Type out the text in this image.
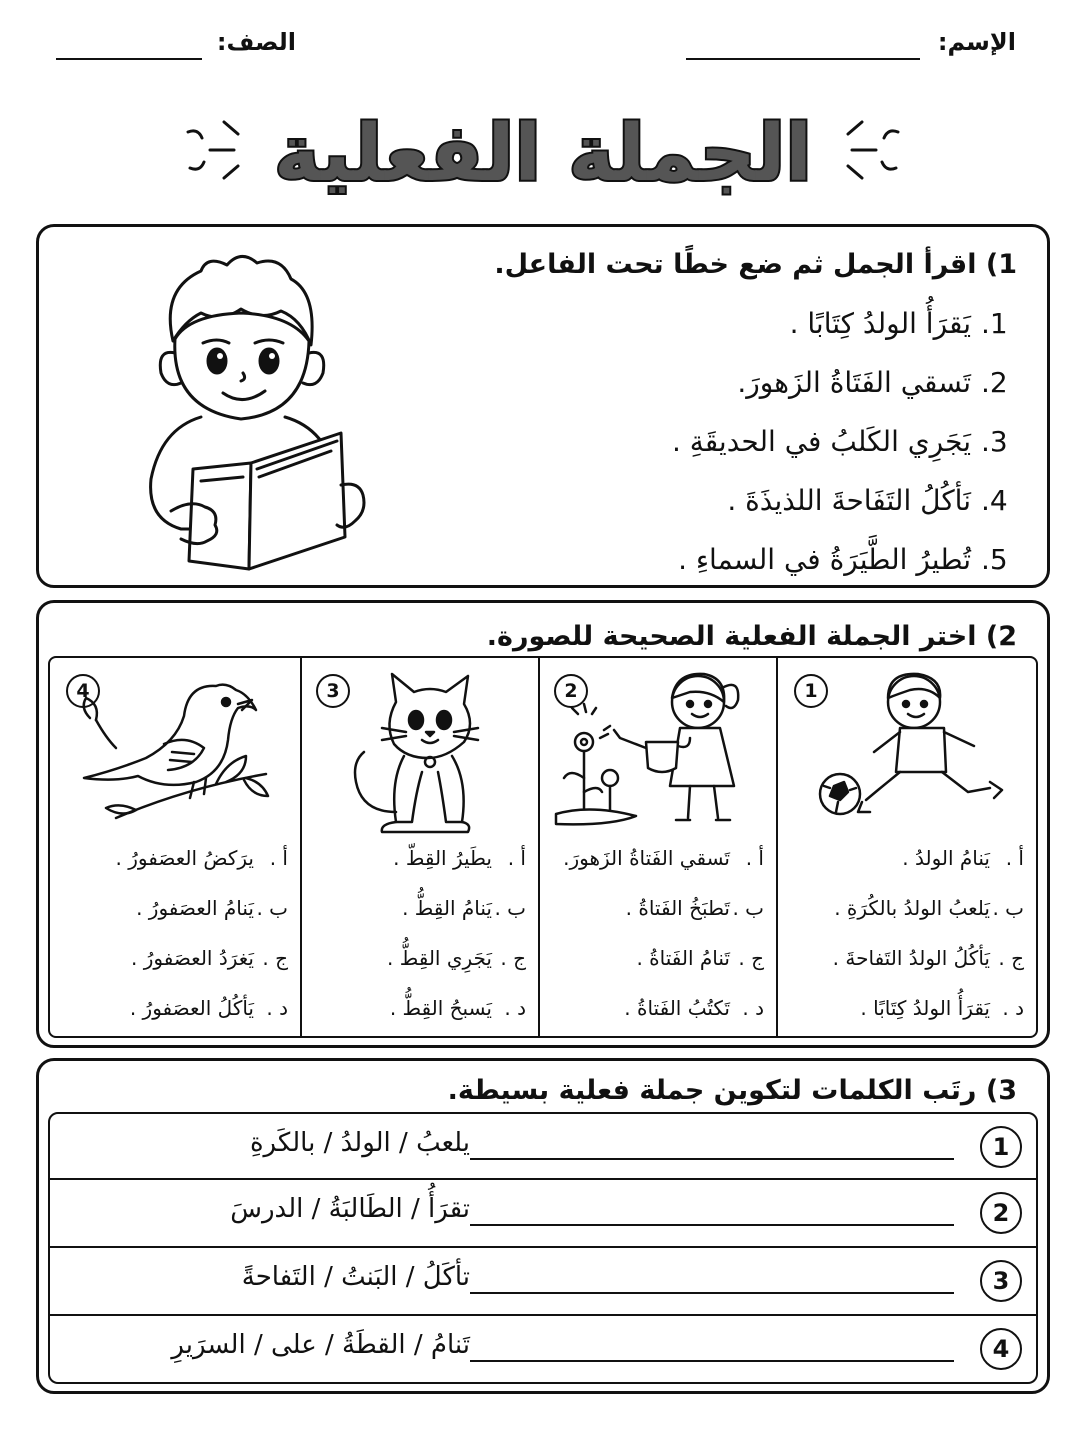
الإسم:
الصف:
الجملة الفعلية
1) اقرأ الجمل ثم ضع خطًا تحت الفاعل.
1.يَقرَأُ الولدُ كِتَابًا .
2.تَسقي الفَتَاةُ الزَهورَ.
3.يَجَرِي الكَلبُ في الحديقَةِ .
4.نَأكُلُ التَفَاحةَ اللذيذَةَ .
5.تُطيرُ الطَّيَرَةُ في السماءِ .
2) اختر الجملة الفعلية الصحيحة للصورة.
4
أ .يرَكضُ العصَفورُ .
ب .يَنامُ العصَفورُ .
ج .يَغرَدُ العصَفورُ .
د .يَأكُلُ العصَفورُ .
3
أ .يطَيرُ القِطّ .
ب .يَنامُ القِطُّ .
ج .يَجَرِي القِطُّ .
د .يَسبحُ القِطُّ .
2
أ .تَسقي الفَتاةُ الزَهورَ.
ب .تَطبَخُ الفَتاةُ .
ج .تَنامُ الفَتاةُ .
د .تَكتُبُ الفَتاةُ .
1
أ .يَنامُ الولدُ .
ب .يَلعبُ الولدُ بالكُرَةِ .
ج .يَأكُلُ الولدُ التَفاحةَ .
د .يَقرَأُ الولدُ كِتَابًا .
3) رتَب الكلمات لتكوين جملة فعلية بسيطة.
1
يلعبُ / الولدُ / بالكَرةِ
2
تقرَأُ / الطَالبَةُ / الدرسَ
3
تأكَلُ / البَنتُ / التَفاحةً
4
تَنامُ / القطَةُ / على / السرَيرِ
